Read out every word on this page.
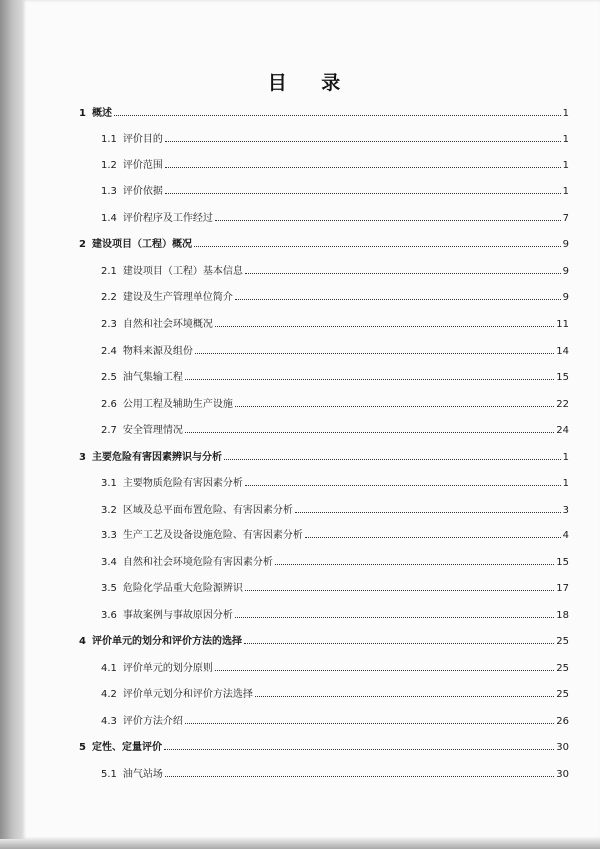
目 录
1 概述	1
1.1 评价目的	1
1.2 评价范围	1
1.3 评价依据	1
1.4 评价程序及工作经过	7
2 建设项目（工程）概况	9
2.1 建设项目（工程）基本信息	9
2.2 建设及生产管理单位简介	9
2.3 自然和社会环境概况	11
2.4 物料来源及组份	14
2.5 油气集输工程	15
2.6 公用工程及辅助生产设施	22
2.7 安全管理情况	24
3 主要危险有害因素辨识与分析	1
3.1 主要物质危险有害因素分析	1
3.2 区域及总平面布置危险、有害因素分析	3
3.3 生产工艺及设备设施危险、有害因素分析	4
3.4 自然和社会环境危险有害因素分析	15
3.5 危险化学品重大危险源辨识	17
3.6 事故案例与事故原因分析	18
4 评价单元的划分和评价方法的选择	25
4.1 评价单元的划分原则	25
4.2 评价单元划分和评价方法选择	25
4.3 评价方法介绍	26
5 定性、定量评价	30
5.1 油气站场	30
